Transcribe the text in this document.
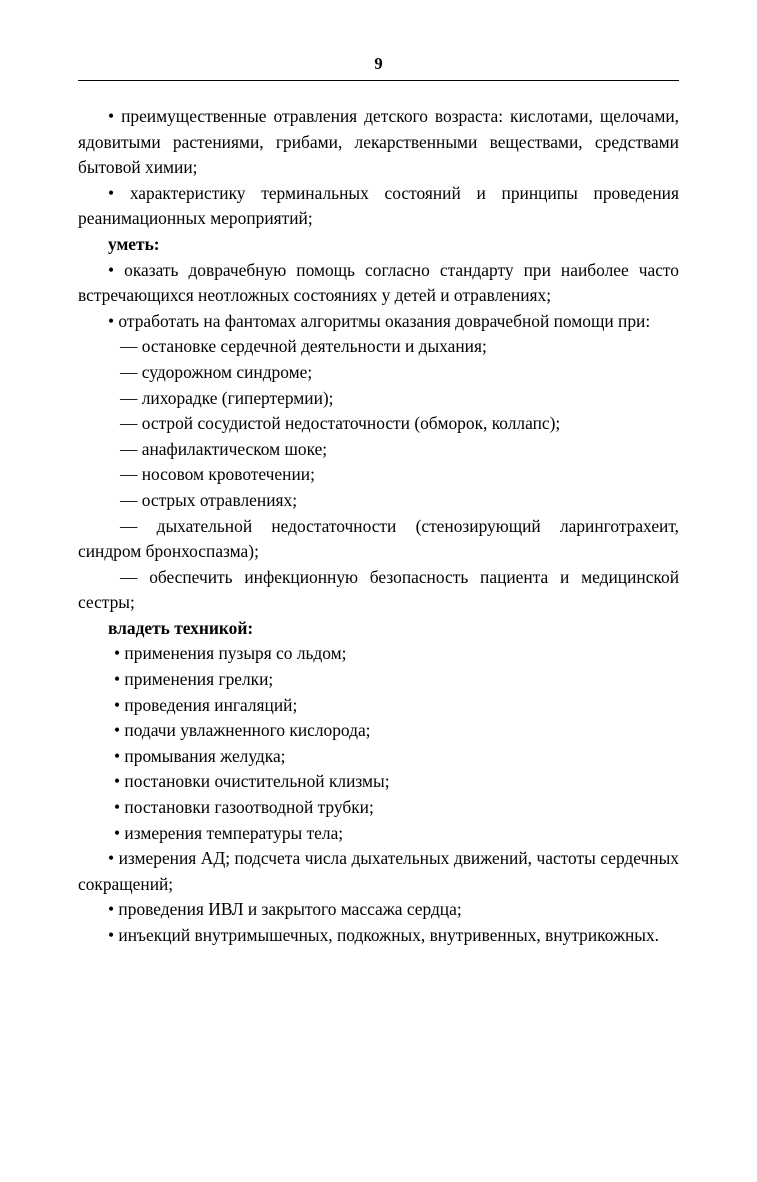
9

• преимущественные отравления детского возраста: кислотами, щелочами, ядовитыми растениями, грибами, лекарственными веществами, средствами бытовой химии;

• характеристику терминальных состояний и принципы проведения реанимационных мероприятий;

уметь:

• оказать доврачебную помощь согласно стандарту при наиболее часто встречающихся неотложных состояниях у детей и отравлениях;

• отработать на фантомах алгоритмы оказания доврачебной помощи при:

— остановке сердечной деятельности и дыхания;

— судорожном синдроме;

— лихорадке (гипертермии);

— острой сосудистой недостаточности (обморок, коллапс);

— анафилактическом шоке;

— носовом кровотечении;

— острых отравлениях;

— дыхательной недостаточности (стенозирующий ларинготрахеит, синдром бронхоспазма);

— обеспечить инфекционную безопасность пациента и медицинской сестры;

владеть техникой:

• применения пузыря со льдом;

• применения грелки;

• проведения ингаляций;

• подачи увлажненного кислорода;

• промывания желудка;

• постановки очистительной клизмы;

• постановки газоотводной трубки;

• измерения температуры тела;

• измерения АД; подсчета числа дыхательных движений, частоты сердечных сокращений;

• проведения ИВЛ и закрытого массажа сердца;

• инъекций внутримышечных, подкожных, внутривенных, внутрикожных.
